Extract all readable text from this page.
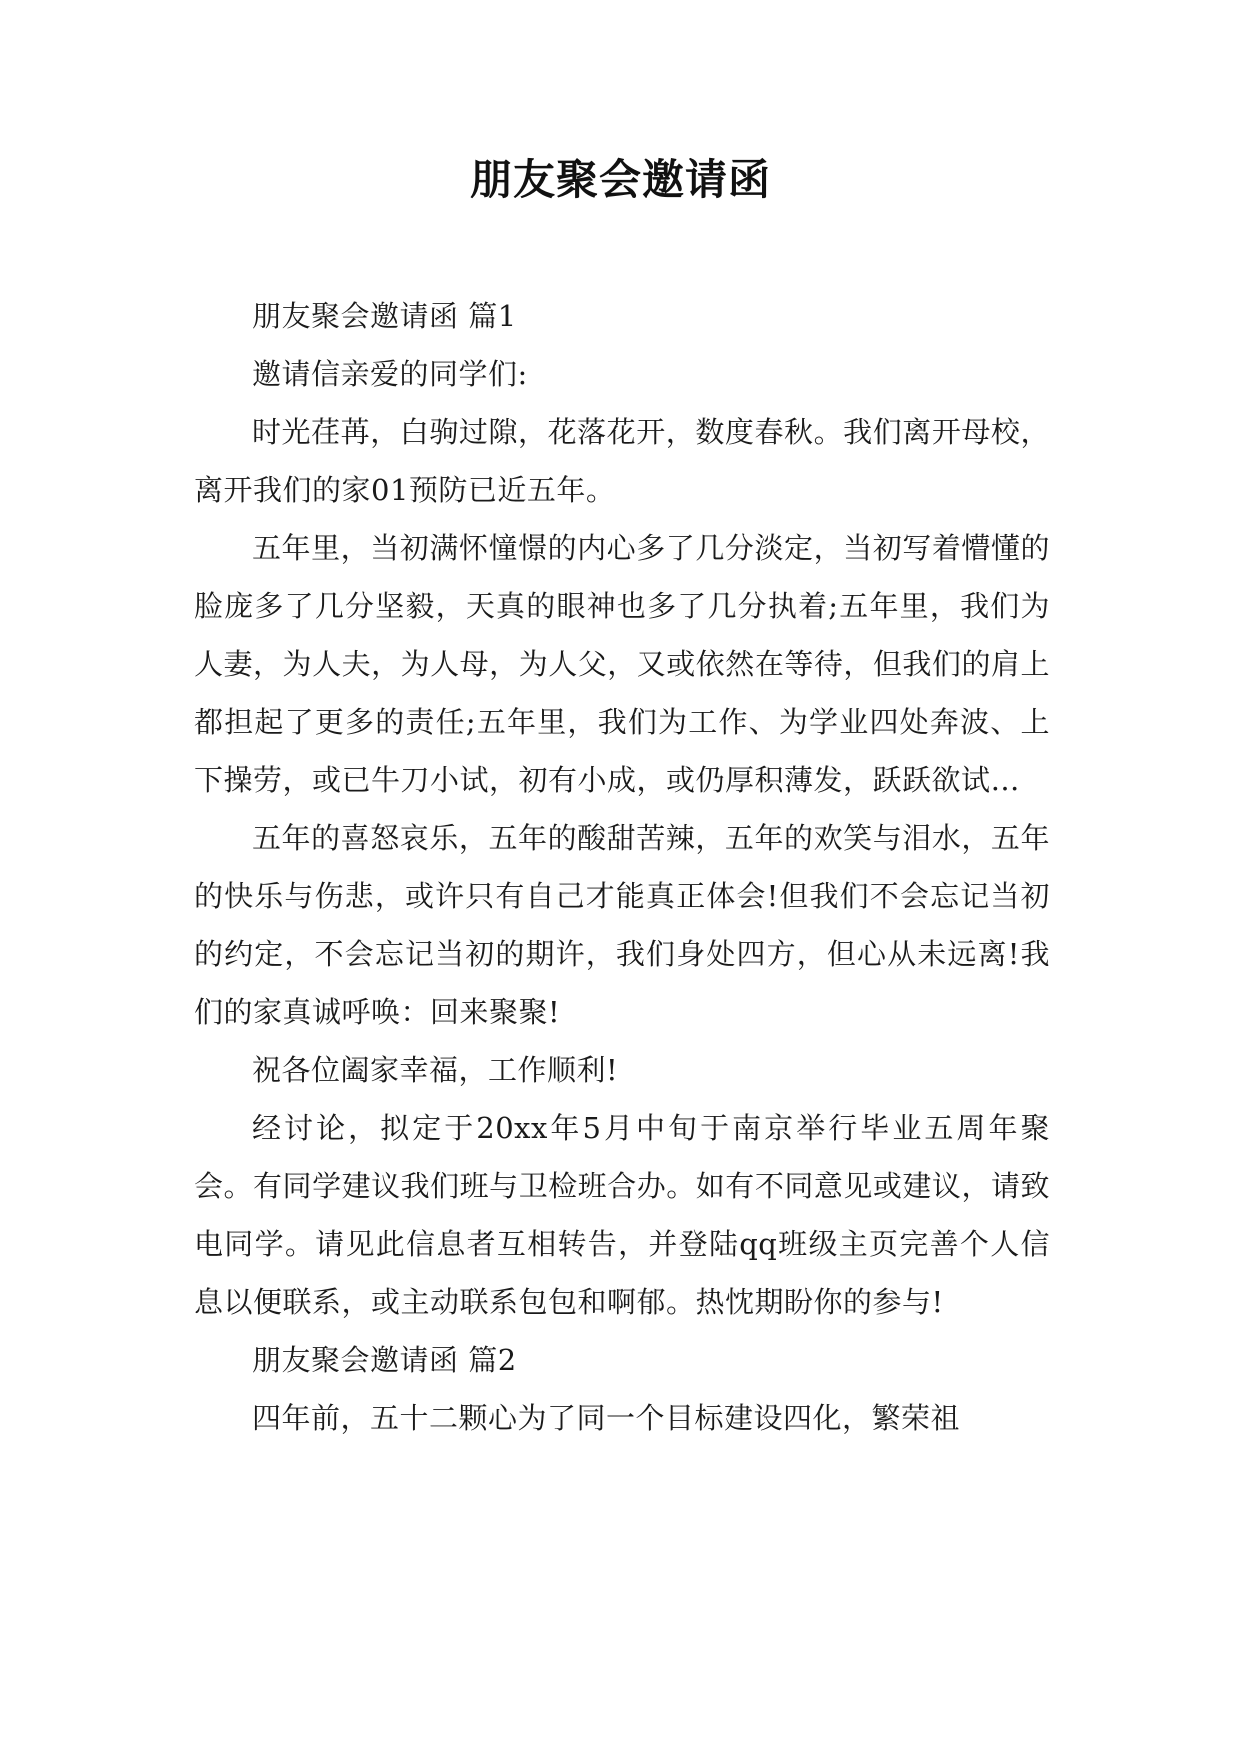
朋友聚会邀请函

朋友聚会邀请函 篇1

邀请信亲爱的同学们:

时光荏苒，白驹过隙，花落花开，数度春秋。我们离开母校，离开我们的家01预防已近五年。

五年里，当初满怀憧憬的内心多了几分淡定，当初写着懵懂的脸庞多了几分坚毅，天真的眼神也多了几分执着;五年里，我们为人妻，为人夫，为人母，为人父，又或依然在等待，但我们的肩上都担起了更多的责任;五年里，我们为工作、为学业四处奔波、上下操劳，或已牛刀小试，初有小成，或仍厚积薄发，跃跃欲试…

五年的喜怒哀乐，五年的酸甜苦辣，五年的欢笑与泪水，五年的快乐与伤悲，或许只有自己才能真正体会!但我们不会忘记当初的约定，不会忘记当初的期许，我们身处四方，但心从未远离!我们的家真诚呼唤：回来聚聚!

祝各位阖家幸福，工作顺利!

经讨论，拟定于20xx年5月中旬于南京举行毕业五周年聚会。有同学建议我们班与卫检班合办。如有不同意见或建议，请致电同学。请见此信息者互相转告，并登陆qq班级主页完善个人信息以便联系，或主动联系包包和啊郁。热忱期盼你的参与!

朋友聚会邀请函 篇2

四年前，五十二颗心为了同一个目标建设四化，繁荣祖
